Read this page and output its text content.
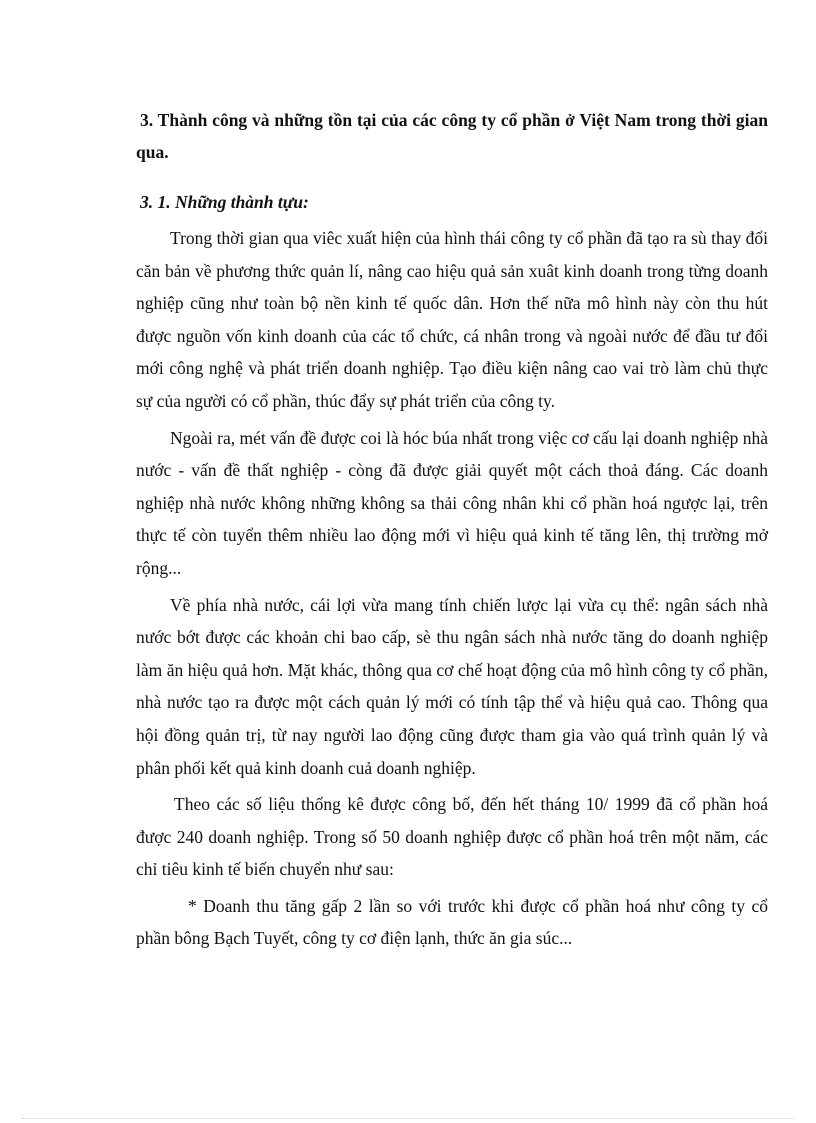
3. Thành công và những tồn tại của các công ty cổ phần ở Việt Nam trong thời gian qua.

3. 1. Những thành tựu:

Trong thời gian qua viêc xuất hiện của hình thái công ty cổ phần đã tạo ra sù thay đổi căn bản về phương thức quản lí, nâng cao hiệu quả sản xuât kinh doanh trong từng doanh nghiệp cũng như toàn bộ nền kinh tế quốc dân. Hơn thế nữa mô hình này còn thu hút được nguồn vốn kinh doanh của các tổ chức, cá nhân trong và ngoài nước để đầu tư đổi mới công nghệ và phát triển doanh nghiệp. Tạo điều kiện nâng cao vai trò làm chủ thực sự của người có cổ phần, thúc đẩy sự phát triển của công ty.

Ngoài ra, mét vấn đề được coi là hóc búa nhất trong việc cơ cấu lại doanh nghiệp nhà nước - vấn đề thất nghiệp - còng đã được giải quyết một cách thoả đáng. Các doanh nghiệp nhà nước không những không sa thải công nhân khi cổ phần hoá ngược lại, trên thực tế còn tuyển thêm nhiều lao động mới vì hiệu quả kinh tế tăng lên, thị trường mở rộng...

Về phía nhà nước, cái lợi vừa mang tính chiến lược lại vừa cụ thể: ngân sách nhà nước bớt được các khoản chi bao cấp, sè thu ngân sách nhà nước tăng do doanh nghiệp làm ăn hiệu quả hơn. Mặt khác, thông qua cơ chế hoạt động của mô hình công ty cổ phần, nhà nước tạo ra được một cách quản lý mới có tính tập thể và hiệu quả cao. Thông qua hội đồng quản trị, từ nay người lao động cũng được tham gia vào quá trình quản lý và phân phối kết quả kinh doanh cuả doanh nghiệp.

Theo các số liệu thống kê được công bố, đến hết tháng 10/ 1999 đã cổ phần hoá được 240 doanh nghiệp. Trong số 50 doanh nghiệp được cổ phần hoá trên một năm, các chỉ tiêu kinh tế biến chuyển như sau:

* Doanh thu tăng gấp 2 lần so với trước khi được cổ phần hoá như công ty cổ phần bông Bạch Tuyết, công ty cơ điện lạnh, thức ăn gia súc...
